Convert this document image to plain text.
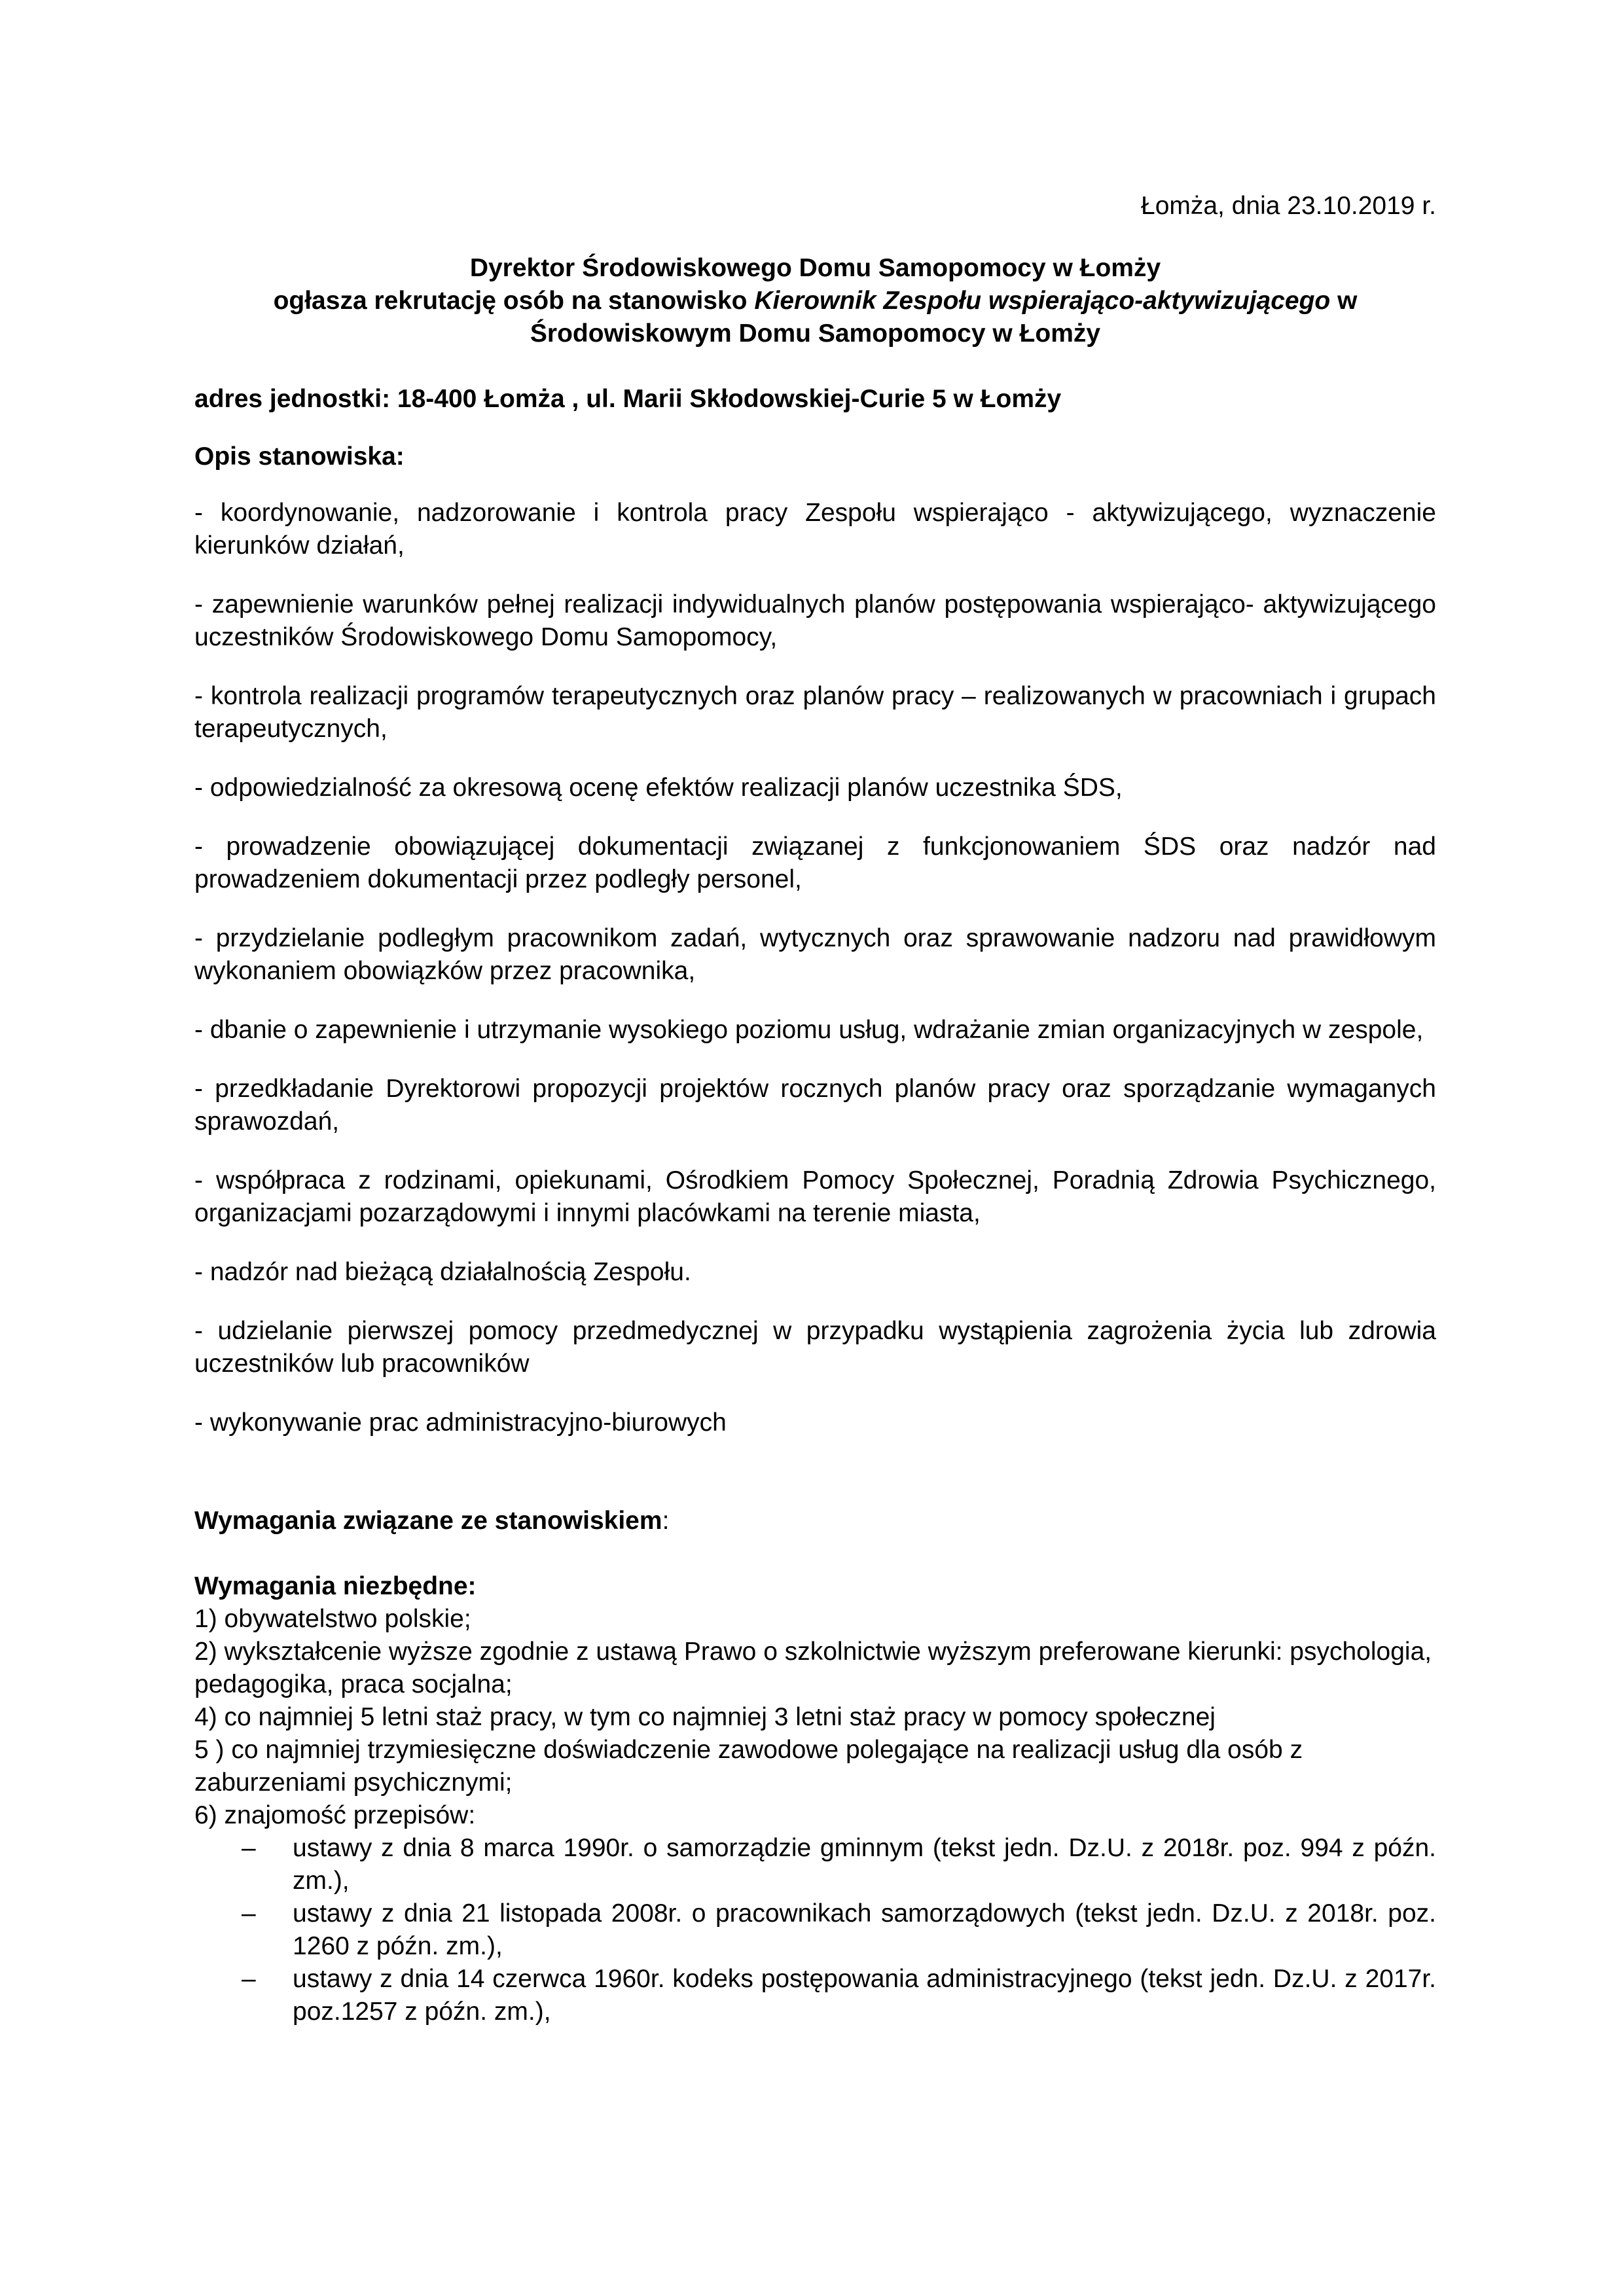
Łomża, dnia 23.10.2019 r.

Dyrektor Środowiskowego Domu Samopomocy w Łomży
ogłasza rekrutację osób na stanowisko Kierownik Zespołu wspierająco-aktywizującego w
Środowiskowym Domu Samopomocy w Łomży

adres jednostki: 18-400 Łomża , ul. Marii Skłodowskiej-Curie 5 w Łomży

Opis stanowiska:

- koordynowanie, nadzorowanie i kontrola pracy Zespołu wspierająco - aktywizującego, wyznaczenie kierunków działań,

- zapewnienie warunków pełnej realizacji indywidualnych planów postępowania wspierająco- aktywizującego uczestników Środowiskowego Domu Samopomocy,

- kontrola realizacji programów terapeutycznych oraz planów pracy – realizowanych w pracowniach i grupach terapeutycznych,

- odpowiedzialność za okresową ocenę efektów realizacji planów uczestnika ŚDS,

- prowadzenie obowiązującej dokumentacji związanej z funkcjonowaniem ŚDS oraz nadzór nad prowadzeniem dokumentacji przez podległy personel,

- przydzielanie podległym pracownikom zadań, wytycznych oraz sprawowanie nadzoru nad prawidłowym wykonaniem obowiązków przez pracownika,

- dbanie o zapewnienie i utrzymanie wysokiego poziomu usług, wdrażanie zmian organizacyjnych w zespole,

- przedkładanie Dyrektorowi propozycji projektów rocznych planów pracy oraz sporządzanie wymaganych sprawozdań,

- współpraca z rodzinami, opiekunami, Ośrodkiem Pomocy Społecznej, Poradnią Zdrowia Psychicznego, organizacjami pozarządowymi i innymi placówkami na terenie miasta,

- nadzór nad bieżącą działalnością Zespołu.

- udzielanie pierwszej pomocy przedmedycznej w przypadku wystąpienia zagrożenia życia lub zdrowia uczestników lub pracowników

- wykonywanie prac administracyjno-biurowych

Wymagania związane ze stanowiskiem:

Wymagania niezbędne:

1) obywatelstwo polskie;
2) wykształcenie wyższe zgodnie z ustawą Prawo o szkolnictwie wyższym preferowane kierunki: psychologia, pedagogika, praca socjalna;
4) co najmniej 5 letni staż pracy, w tym co najmniej 3 letni staż pracy w pomocy społecznej
5 ) co najmniej trzymiesięczne doświadczenie zawodowe polegające na realizacji usług dla osób z zaburzeniami psychicznymi;
6) znajomość przepisów:
– ustawy z dnia 8 marca 1990r. o samorządzie gminnym (tekst jedn. Dz.U. z 2018r. poz. 994 z późn. zm.),
– ustawy z dnia 21 listopada 2008r. o pracownikach samorządowych (tekst jedn. Dz.U. z 2018r. poz. 1260 z późn. zm.),
– ustawy z dnia 14 czerwca 1960r. kodeks postępowania administracyjnego (tekst jedn. Dz.U. z 2017r. poz.1257 z późn. zm.),
